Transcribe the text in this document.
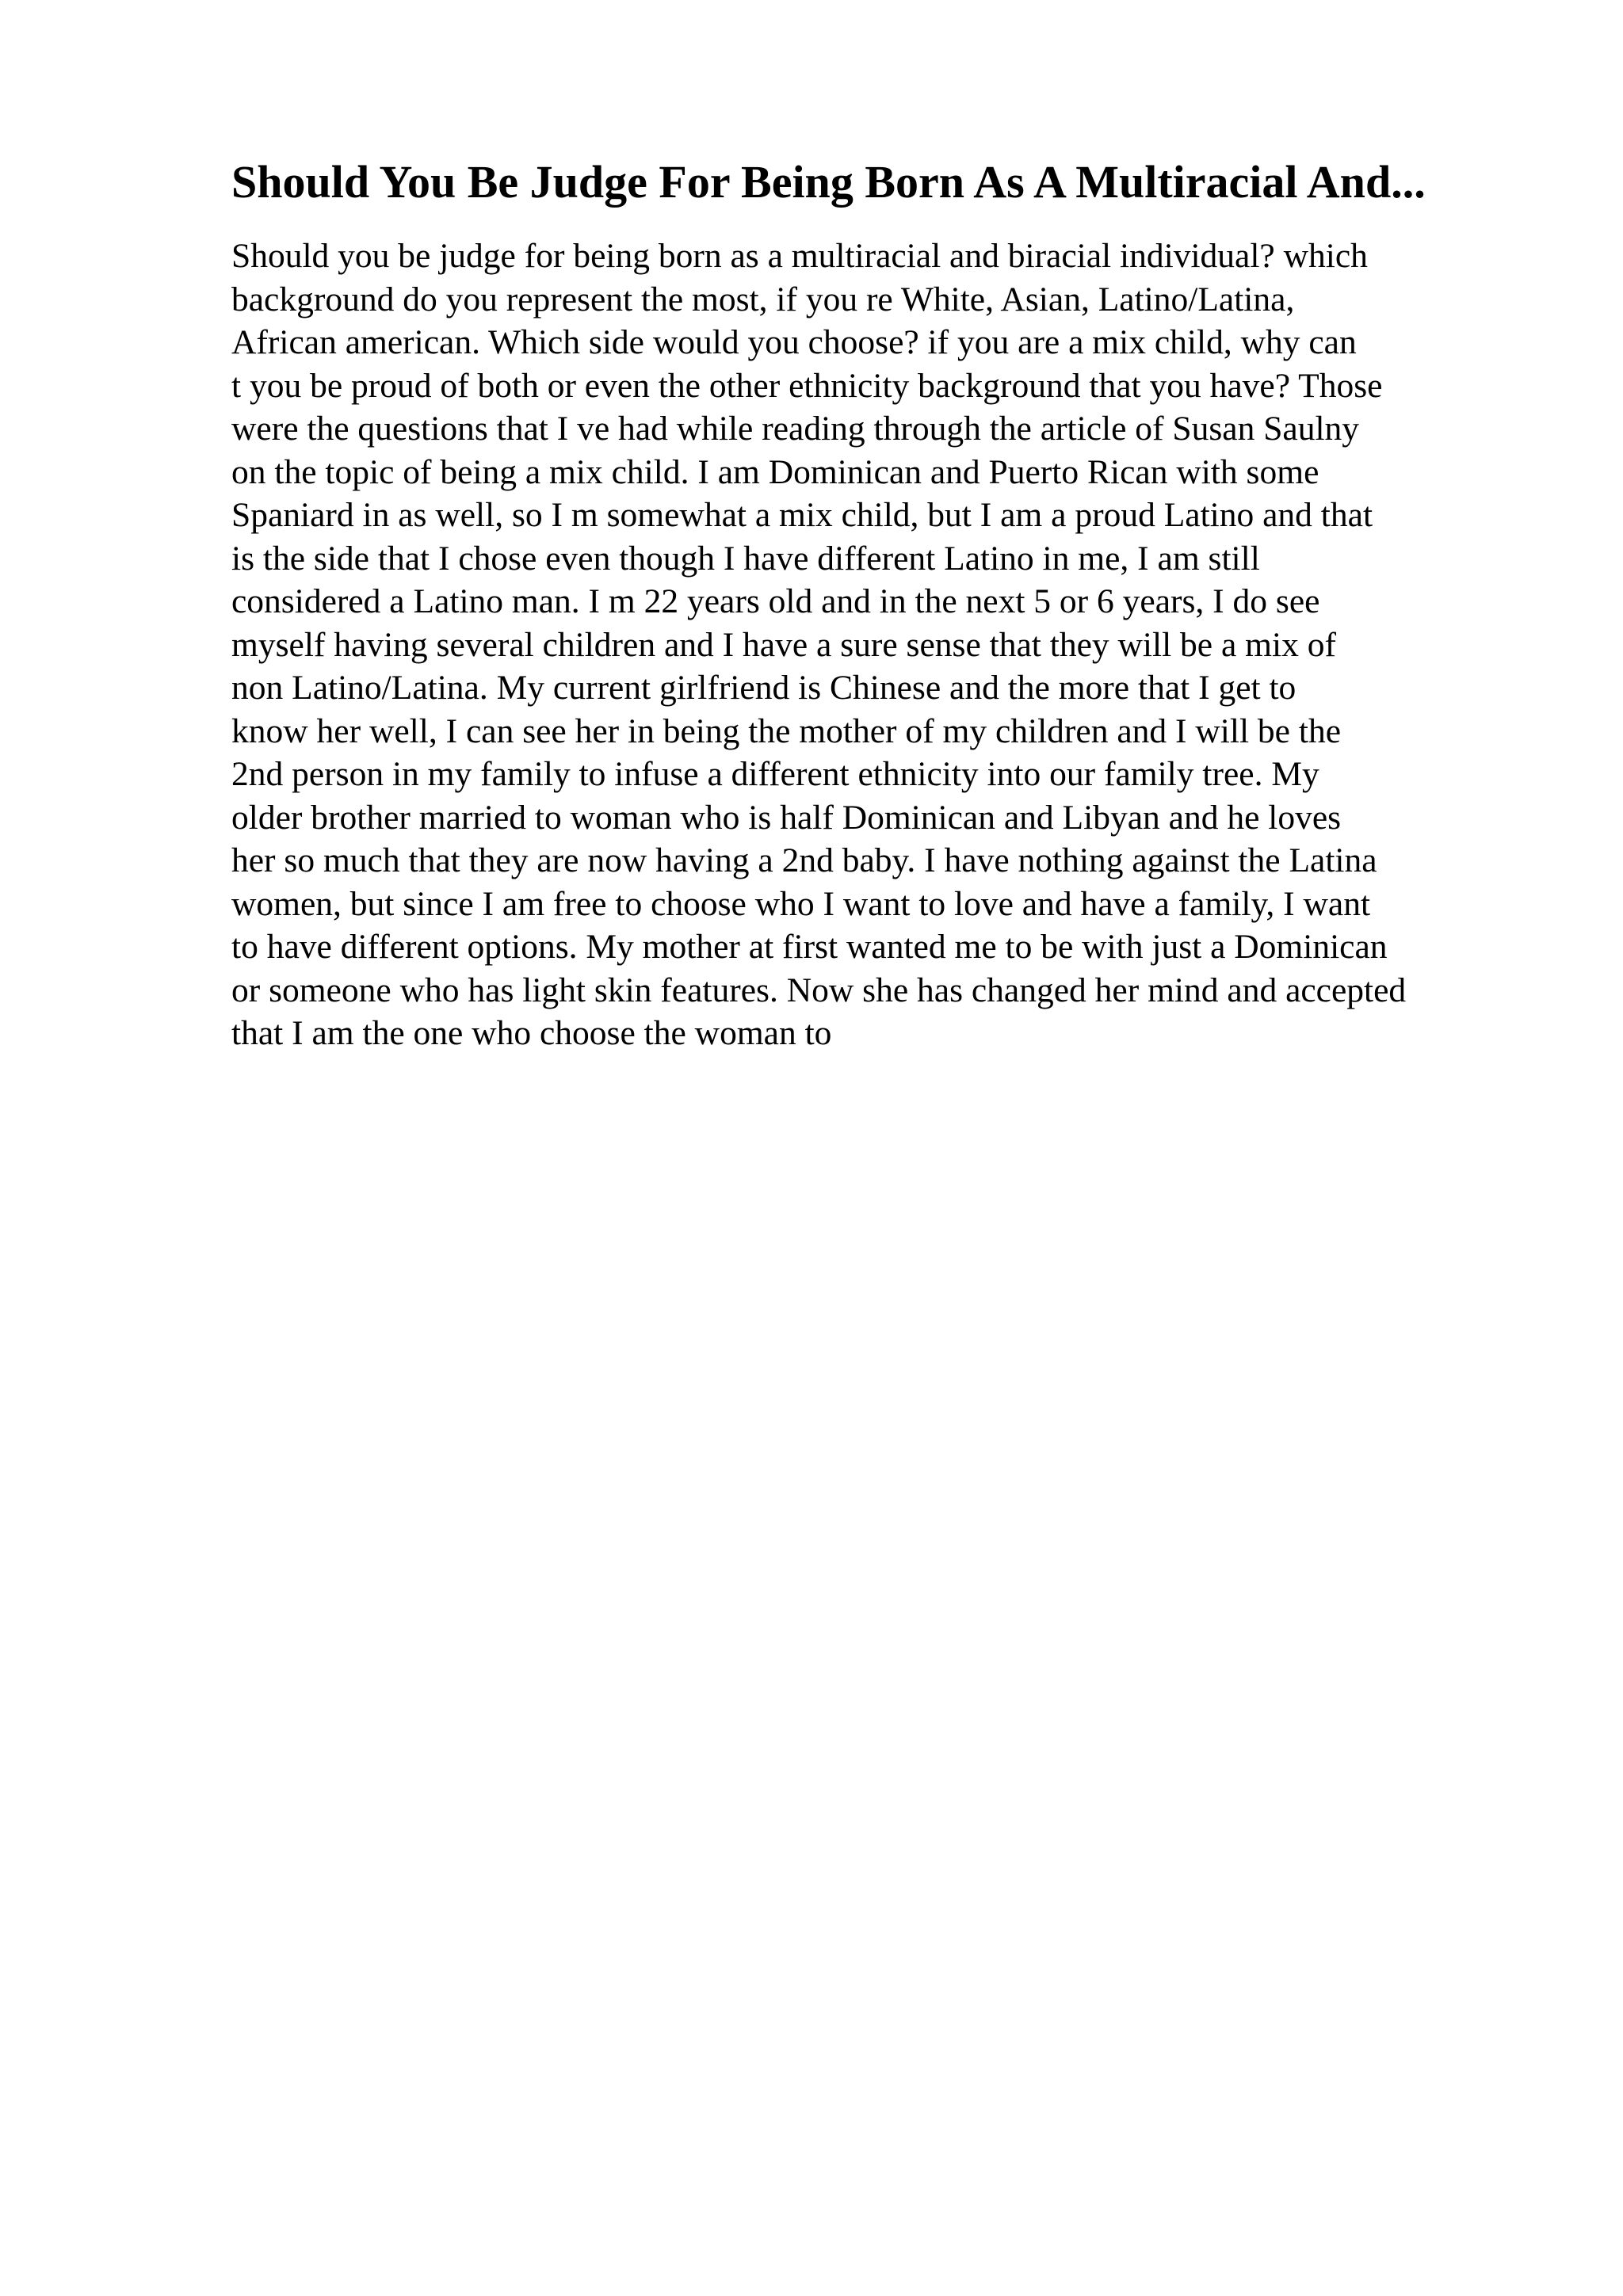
Should You Be Judge For Being Born As A Multiracial And...
Should you be judge for being born as a multiracial and biracial individual? which
background do you represent the most, if you re White, Asian, Latino/Latina,
African american. Which side would you choose? if you are a mix child, why can
t you be proud of both or even the other ethnicity background that you have? Those
were the questions that I ve had while reading through the article of Susan Saulny
on the topic of being a mix child. I am Dominican and Puerto Rican with some
Spaniard in as well, so I m somewhat a mix child, but I am a proud Latino and that
is the side that I chose even though I have different Latino in me, I am still
considered a Latino man. I m 22 years old and in the next 5 or 6 years, I do see
myself having several children and I have a sure sense that they will be a mix of
non Latino/Latina. My current girlfriend is Chinese and the more that I get to
know her well, I can see her in being the mother of my children and I will be the
2nd person in my family to infuse a different ethnicity into our family tree. My
older brother married to woman who is half Dominican and Libyan and he loves
her so much that they are now having a 2nd baby. I have nothing against the Latina
women, but since I am free to choose who I want to love and have a family, I want
to have different options. My mother at first wanted me to be with just a Dominican
or someone who has light skin features. Now she has changed her mind and accepted
that I am the one who choose the woman to
